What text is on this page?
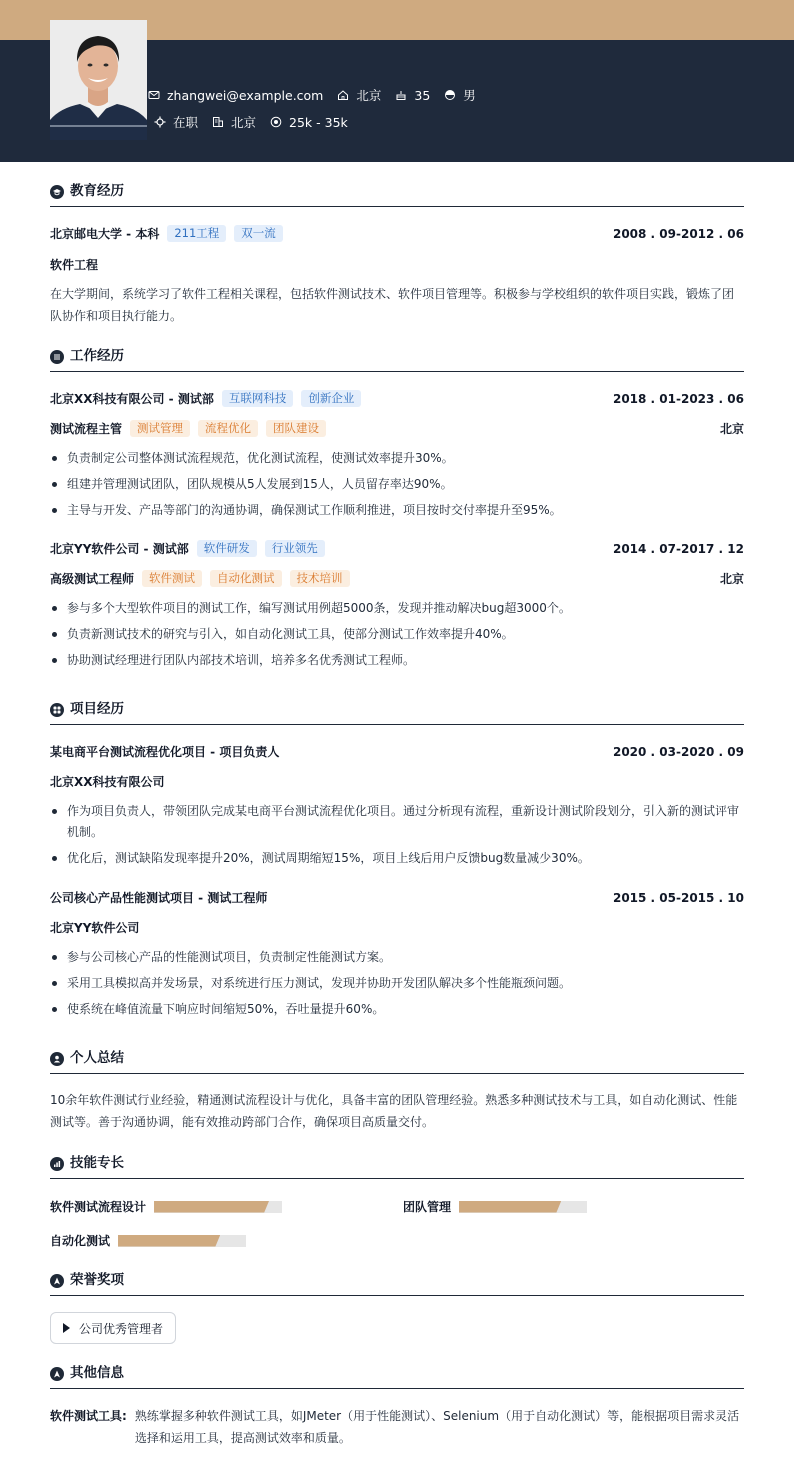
zhangwei@example.com	北京	35	男
在职	北京	25k - 35k
教育经历
北京邮电大学 - 本科	211工程	双一流	2008 . 09-2012 . 06
软件工程
在大学期间，系统学习了软件工程相关课程，包括软件测试技术、软件项目管理等。积极参与学校组织的软件项目实践，锻炼了团队协作和项目执行能力。
工作经历
北京XX科技有限公司 - 测试部	互联网科技	创新企业	2018 . 01-2023 . 06
测试流程主管	测试管理	流程优化	团队建设	北京
负责制定公司整体测试流程规范，优化测试流程，使测试效率提升30%。
组建并管理测试团队，团队规模从5人发展到15人，人员留存率达90%。
主导与开发、产品等部门的沟通协调，确保测试工作顺利推进，项目按时交付率提升至95%。
北京YY软件公司 - 测试部	软件研发	行业领先	2014 . 07-2017 . 12
高级测试工程师	软件测试	自动化测试	技术培训	北京
参与多个大型软件项目的测试工作，编写测试用例超5000条，发现并推动解决bug超3000个。
负责新测试技术的研究与引入，如自动化测试工具，使部分测试工作效率提升40%。
协助测试经理进行团队内部技术培训，培养多名优秀测试工程师。
项目经历
某电商平台测试流程优化项目 - 项目负责人	2020 . 03-2020 . 09
北京XX科技有限公司
作为项目负责人，带领团队完成某电商平台测试流程优化项目。通过分析现有流程，重新设计测试阶段划分，引入新的测试评审机制。
优化后，测试缺陷发现率提升20%，测试周期缩短15%，项目上线后用户反馈bug数量减少30%。
公司核心产品性能测试项目 - 测试工程师	2015 . 05-2015 . 10
北京YY软件公司
参与公司核心产品的性能测试项目，负责制定性能测试方案。
采用工具模拟高并发场景，对系统进行压力测试，发现并协助开发团队解决多个性能瓶颈问题。
使系统在峰值流量下响应时间缩短50%，吞吐量提升60%。
个人总结
10余年软件测试行业经验，精通测试流程设计与优化，具备丰富的团队管理经验。熟悉多种测试技术与工具，如自动化测试、性能测试等。善于沟通协调，能有效推动跨部门合作，确保项目高质量交付。
技能专长
软件测试流程设计	团队管理
自动化测试
荣誉奖项
公司优秀管理者
其他信息
软件测试工具: 熟练掌握多种软件测试工具，如JMeter（用于性能测试）、Selenium（用于自动化测试）等，能根据项目需求灵活选择和运用工具，提高测试效率和质量。
